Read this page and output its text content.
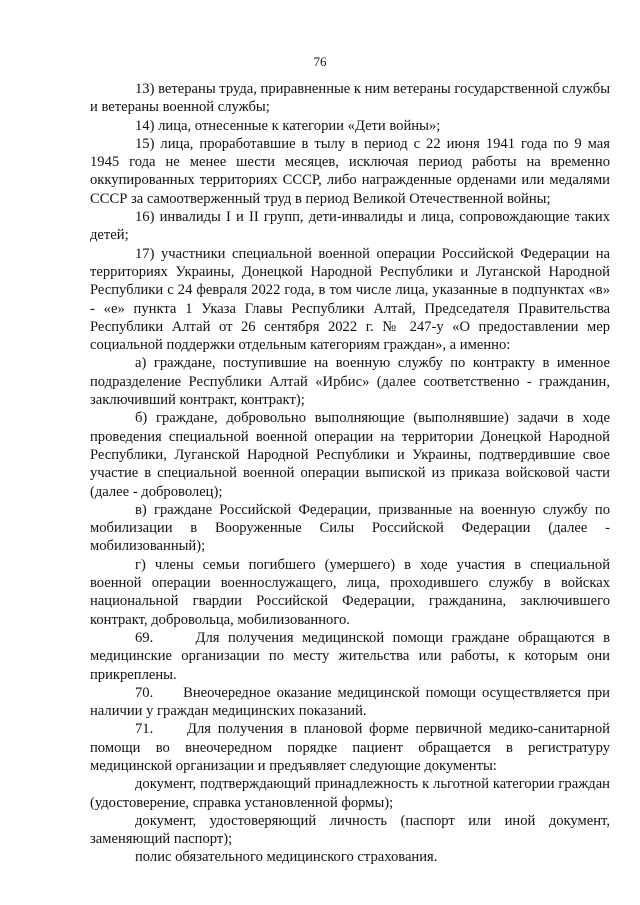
76

13) ветераны труда, приравненные к ним ветераны государственной службы и ветераны военной службы;

14) лица, отнесенные к категории «Дети войны»;

15) лица, проработавшие в тылу в период с 22 июня 1941 года по 9 мая 1945 года не менее шести месяцев, исключая период работы на временно оккупированных территориях СССР, либо награжденные орденами или медалями СССР за самоотверженный труд в период Великой Отечественной войны;

16) инвалиды I и II групп, дети-инвалиды и лица, сопровождающие таких детей;

17) участники специальной военной операции Российской Федерации на территориях Украины, Донецкой Народной Республики и Луганской Народной Республики с 24 февраля 2022 года, в том числе лица, указанные в подпунктах «в» - «е» пункта 1 Указа Главы Республики Алтай, Председателя Правительства Республики Алтай от 26 сентября 2022 г. № 247-у «О предоставлении мер социальной поддержки отдельным категориям граждан», а именно:

а) граждане, поступившие на военную службу по контракту в именное подразделение Республики Алтай «Ирбис» (далее соответственно - гражданин, заключивший контракт, контракт);

б) граждане, добровольно выполняющие (выполнявшие) задачи в ходе проведения специальной военной операции на территории Донецкой Народной Республики, Луганской Народной Республики и Украины, подтвердившие свое участие в специальной военной операции выпиской из приказа войсковой части (далее - доброволец);

в) граждане Российской Федерации, призванные на военную службу по мобилизации в Вооруженные Силы Российской Федерации (далее - мобилизованный);

г) члены семьи погибшего (умершего) в ходе участия в специальной военной операции военнослужащего, лица, проходившего службу в войсках национальной гвардии Российской Федерации, гражданина, заключившего контракт, добровольца, мобилизованного.

69.     Для получения медицинской помощи граждане обращаются в медицинские организации по месту жительства или работы, к которым они прикреплены.

70.     Внеочередное оказание медицинской помощи осуществляется при наличии у граждан медицинских показаний.

71.     Для получения в плановой форме первичной медико-санитарной помощи во внеочередном порядке пациент обращается в регистратуру медицинской организации и предъявляет следующие документы:

документ, подтверждающий принадлежность к льготной категории граждан (удостоверение, справка установленной формы);

документ, удостоверяющий личность (паспорт или иной документ, заменяющий паспорт);

полис обязательного медицинского страхования.
